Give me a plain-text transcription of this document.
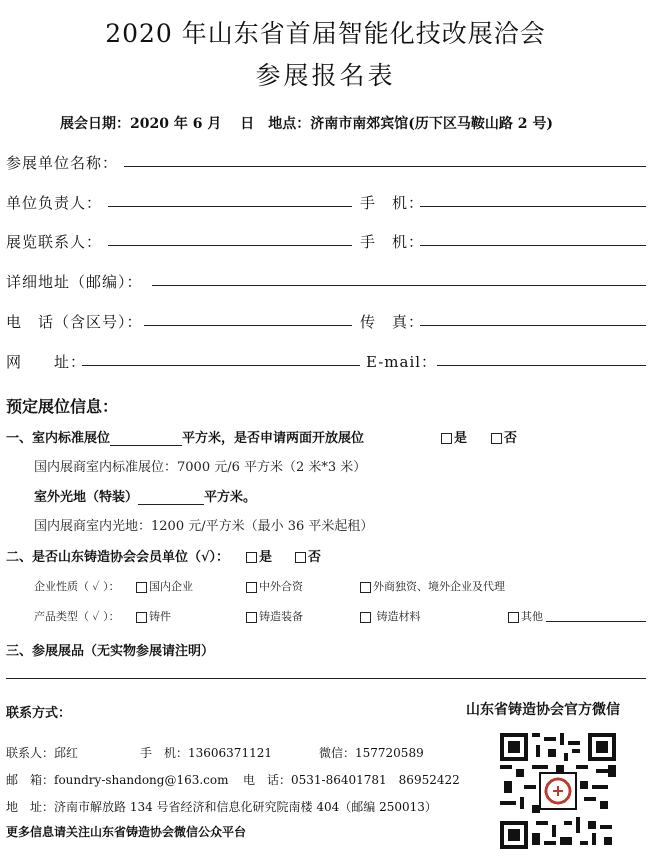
2020 年山东省首届智能化技改展洽会
参展报名表
展会日期：2020 年 6 月　 日　地点：济南市南郊宾馆(历下区马鞍山路 2 号)
参展单位名称：
单位负责人：	手　机：
展览联系人：	手　机：
详细地址（邮编）：
电　话（含区号）：	传　真：
网　　址：	E-mail：
预定展位信息：
一、室内标准展位	平方米，是否申请两面开放展位	是	否
国内展商室内标准展位：7000 元/6 平方米（2 米*3 米）
室外光地（特装）	平方米。
国内展商室内光地：1200 元/平方米（最小 36 平米起租）
二、是否山东铸造协会会员单位（√）：	是	否
企业性质（ ✓ ）：	国内企业	中外合资	外商独资、境外企业及代理
产品类型（ ✓ ）：	铸件	铸造装备	铸造材料	其他
三、参展展品（无实物参展请注明）
联系方式：	山东省铸造协会官方微信
联系人：邱红	手　机：13606371121	微信：157720589
邮　箱：foundry-shandong@163.com 电　话：0531-86401781　86952422
地　址：济南市解放路 134 号省经济和信息化研究院南楼 404（邮编 250013）
更多信息请关注山东省铸造协会微信公众平台
